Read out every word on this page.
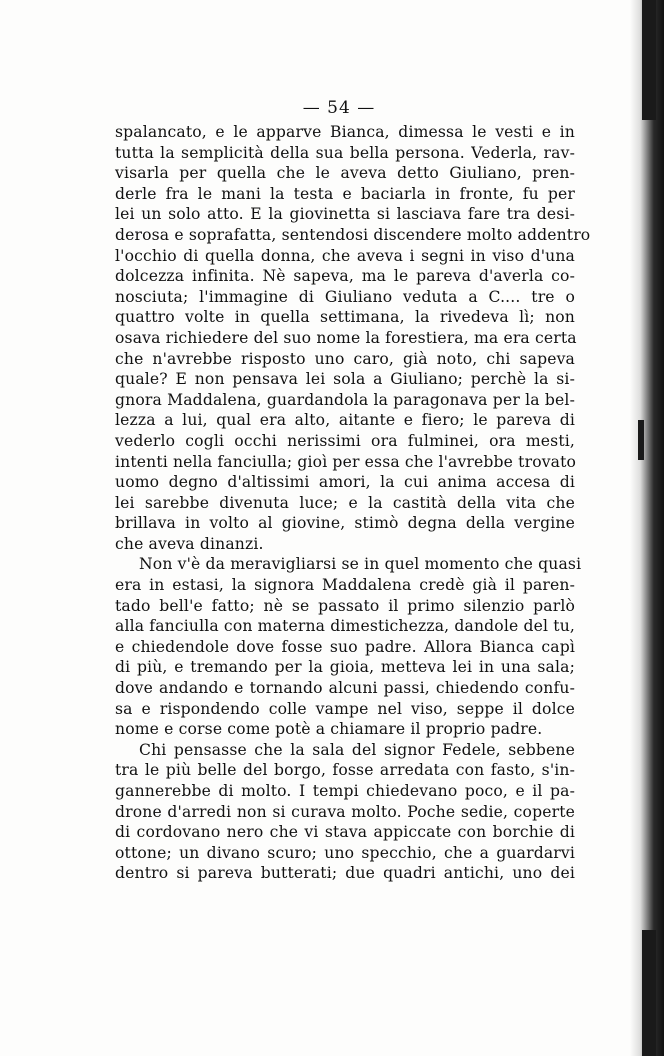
— 54 —
spalancato, e le apparve Bianca, dimessa le vesti e in
tutta la semplicità della sua bella persona. Vederla, rav-
visarla per quella che le aveva detto Giuliano, pren-
derle fra le mani la testa e baciarla in fronte, fu per
lei un solo atto. E la giovinetta si lasciava fare tra desi-
derosa e soprafatta, sentendosi discendere molto addentro
l'occhio di quella donna, che aveva i segni in viso d'una
dolcezza infinita. Nè sapeva, ma le pareva d'averla co-
nosciuta; l'immagine di Giuliano veduta a C.... tre o
quattro volte in quella settimana, la rivedeva lì; non
osava richiedere del suo nome la forestiera, ma era certa
che n'avrebbe risposto uno caro, già noto, chi sapeva
quale? E non pensava lei sola a Giuliano; perchè la si-
gnora Maddalena, guardandola la paragonava per la bel-
lezza a lui, qual era alto, aitante e fiero; le pareva di
vederlo cogli occhi nerissimi ora fulminei, ora mesti,
intenti nella fanciulla; gioì per essa che l'avrebbe trovato
uomo degno d'altissimi amori, la cui anima accesa di
lei sarebbe divenuta luce; e la castità della vita che
brillava in volto al giovine, stimò degna della vergine
che aveva dinanzi.
Non v'è da meravigliarsi se in quel momento che quasi
era in estasi, la signora Maddalena credè già il paren-
tado bell'e fatto; nè se passato il primo silenzio parlò
alla fanciulla con materna dimestichezza, dandole del tu,
e chiedendole dove fosse suo padre. Allora Bianca capì
di più, e tremando per la gioia, metteva lei in una sala;
dove andando e tornando alcuni passi, chiedendo confu-
sa e rispondendo colle vampe nel viso, seppe il dolce
nome e corse come potè a chiamare il proprio padre.
Chi pensasse che la sala del signor Fedele, sebbene
tra le più belle del borgo, fosse arredata con fasto, s'in-
gannerebbe di molto. I tempi chiedevano poco, e il pa-
drone d'arredi non si curava molto. Poche sedie, coperte
di cordovano nero che vi stava appiccate con borchie di
ottone; un divano scuro; uno specchio, che a guardarvi
dentro si pareva butterati; due quadri antichi, uno dei
